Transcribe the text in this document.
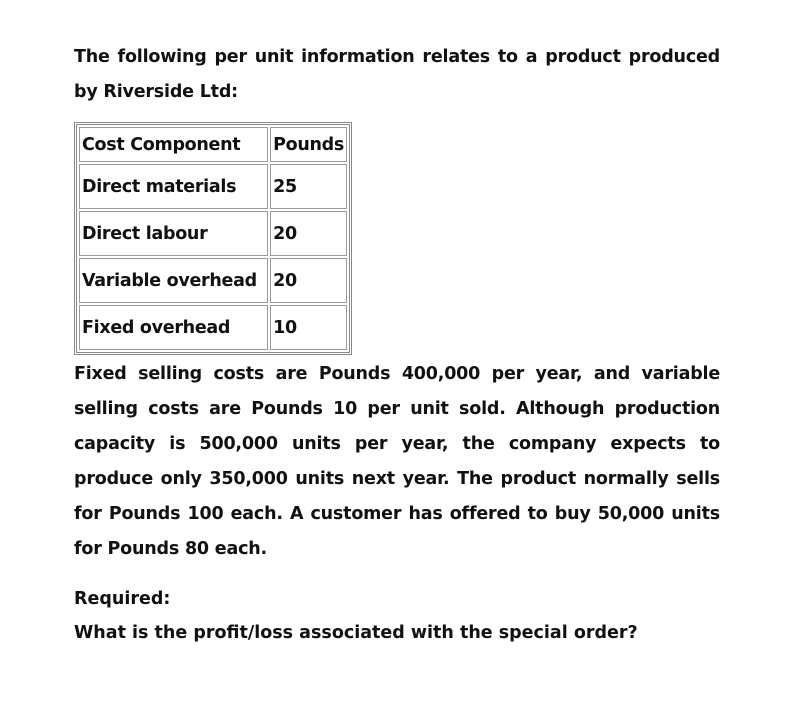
The following per unit information relates to a product produced by Riverside Ltd:

Cost Component	Pounds
Direct materials	25
Direct labour	20
Variable overhead	20
Fixed overhead	10

Fixed selling costs are Pounds 400,000 per year, and variable selling costs are Pounds 10 per unit sold. Although production capacity is 500,000 units per year, the company expects to produce only 350,000 units next year. The product normally sells for Pounds 100 each. A customer has offered to buy 50,000 units for Pounds 80 each.

Required:
What is the profit/loss associated with the special order?
